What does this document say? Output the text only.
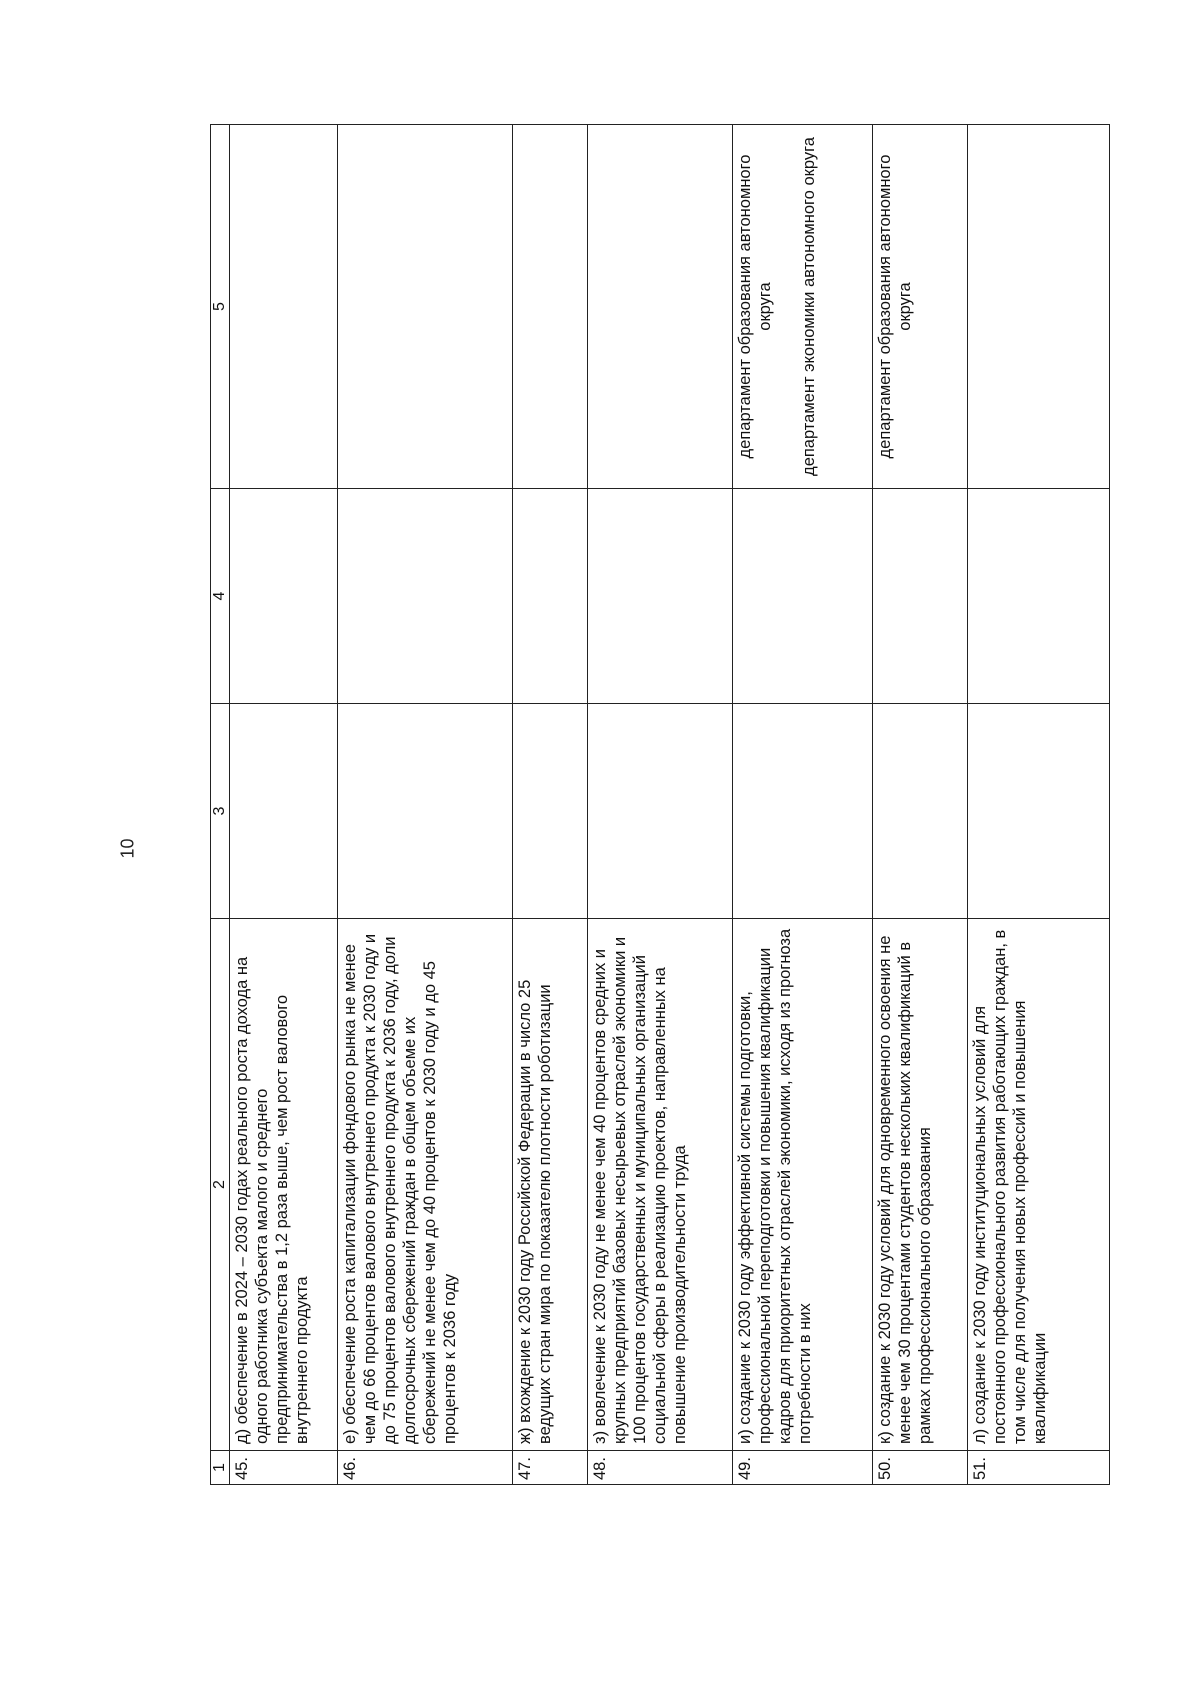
10
1	2	3	4	5
45.	д) обеспечение в 2024 – 2030 годах реального роста дохода на одного работника субъекта малого и среднего предпринимательства в 1,2 раза выше, чем рост валового внутреннего продукта			
46.	е) обеспечение роста капитализации фондового рынка не менее чем до 66 процентов валового внутреннего продукта к 2030 году и до 75 процентов валового внутреннего продукта к 2036 году, доли долгосрочных сбережений граждан в общем объеме их сбережений не менее чем до 40 процентов к 2030 году и до 45 процентов к 2036 году			
47.	ж) вхождение к 2030 году Российской Федерации в число 25 ведущих стран мира по показателю плотности роботизации			
48.	з) вовлечение к 2030 году не менее чем 40 процентов средних и крупных предприятий базовых несырьевых отраслей экономики и 100 процентов государственных и муниципальных организаций социальной сферы в реализацию проектов, направленных на повышение производительности труда			
49.	и) создание к 2030 году эффективной системы подготовки, профессиональной переподготовки и повышения квалификации кадров для приоритетных отраслей экономики, исходя из прогноза потребности в них			департамент образования автономного округа департамент экономики автономного округа

50.	к) создание к 2030 году условий для одновременного освоения не менее чем 30 процентами студентов нескольких квалификаций в рамках профессионального образования			департамент образования автономного округа

51.	л) создание к 2030 году институциональных условий для постоянного профессионального развития работающих граждан, в том числе для получения новых профессий и повышения квалификации			
